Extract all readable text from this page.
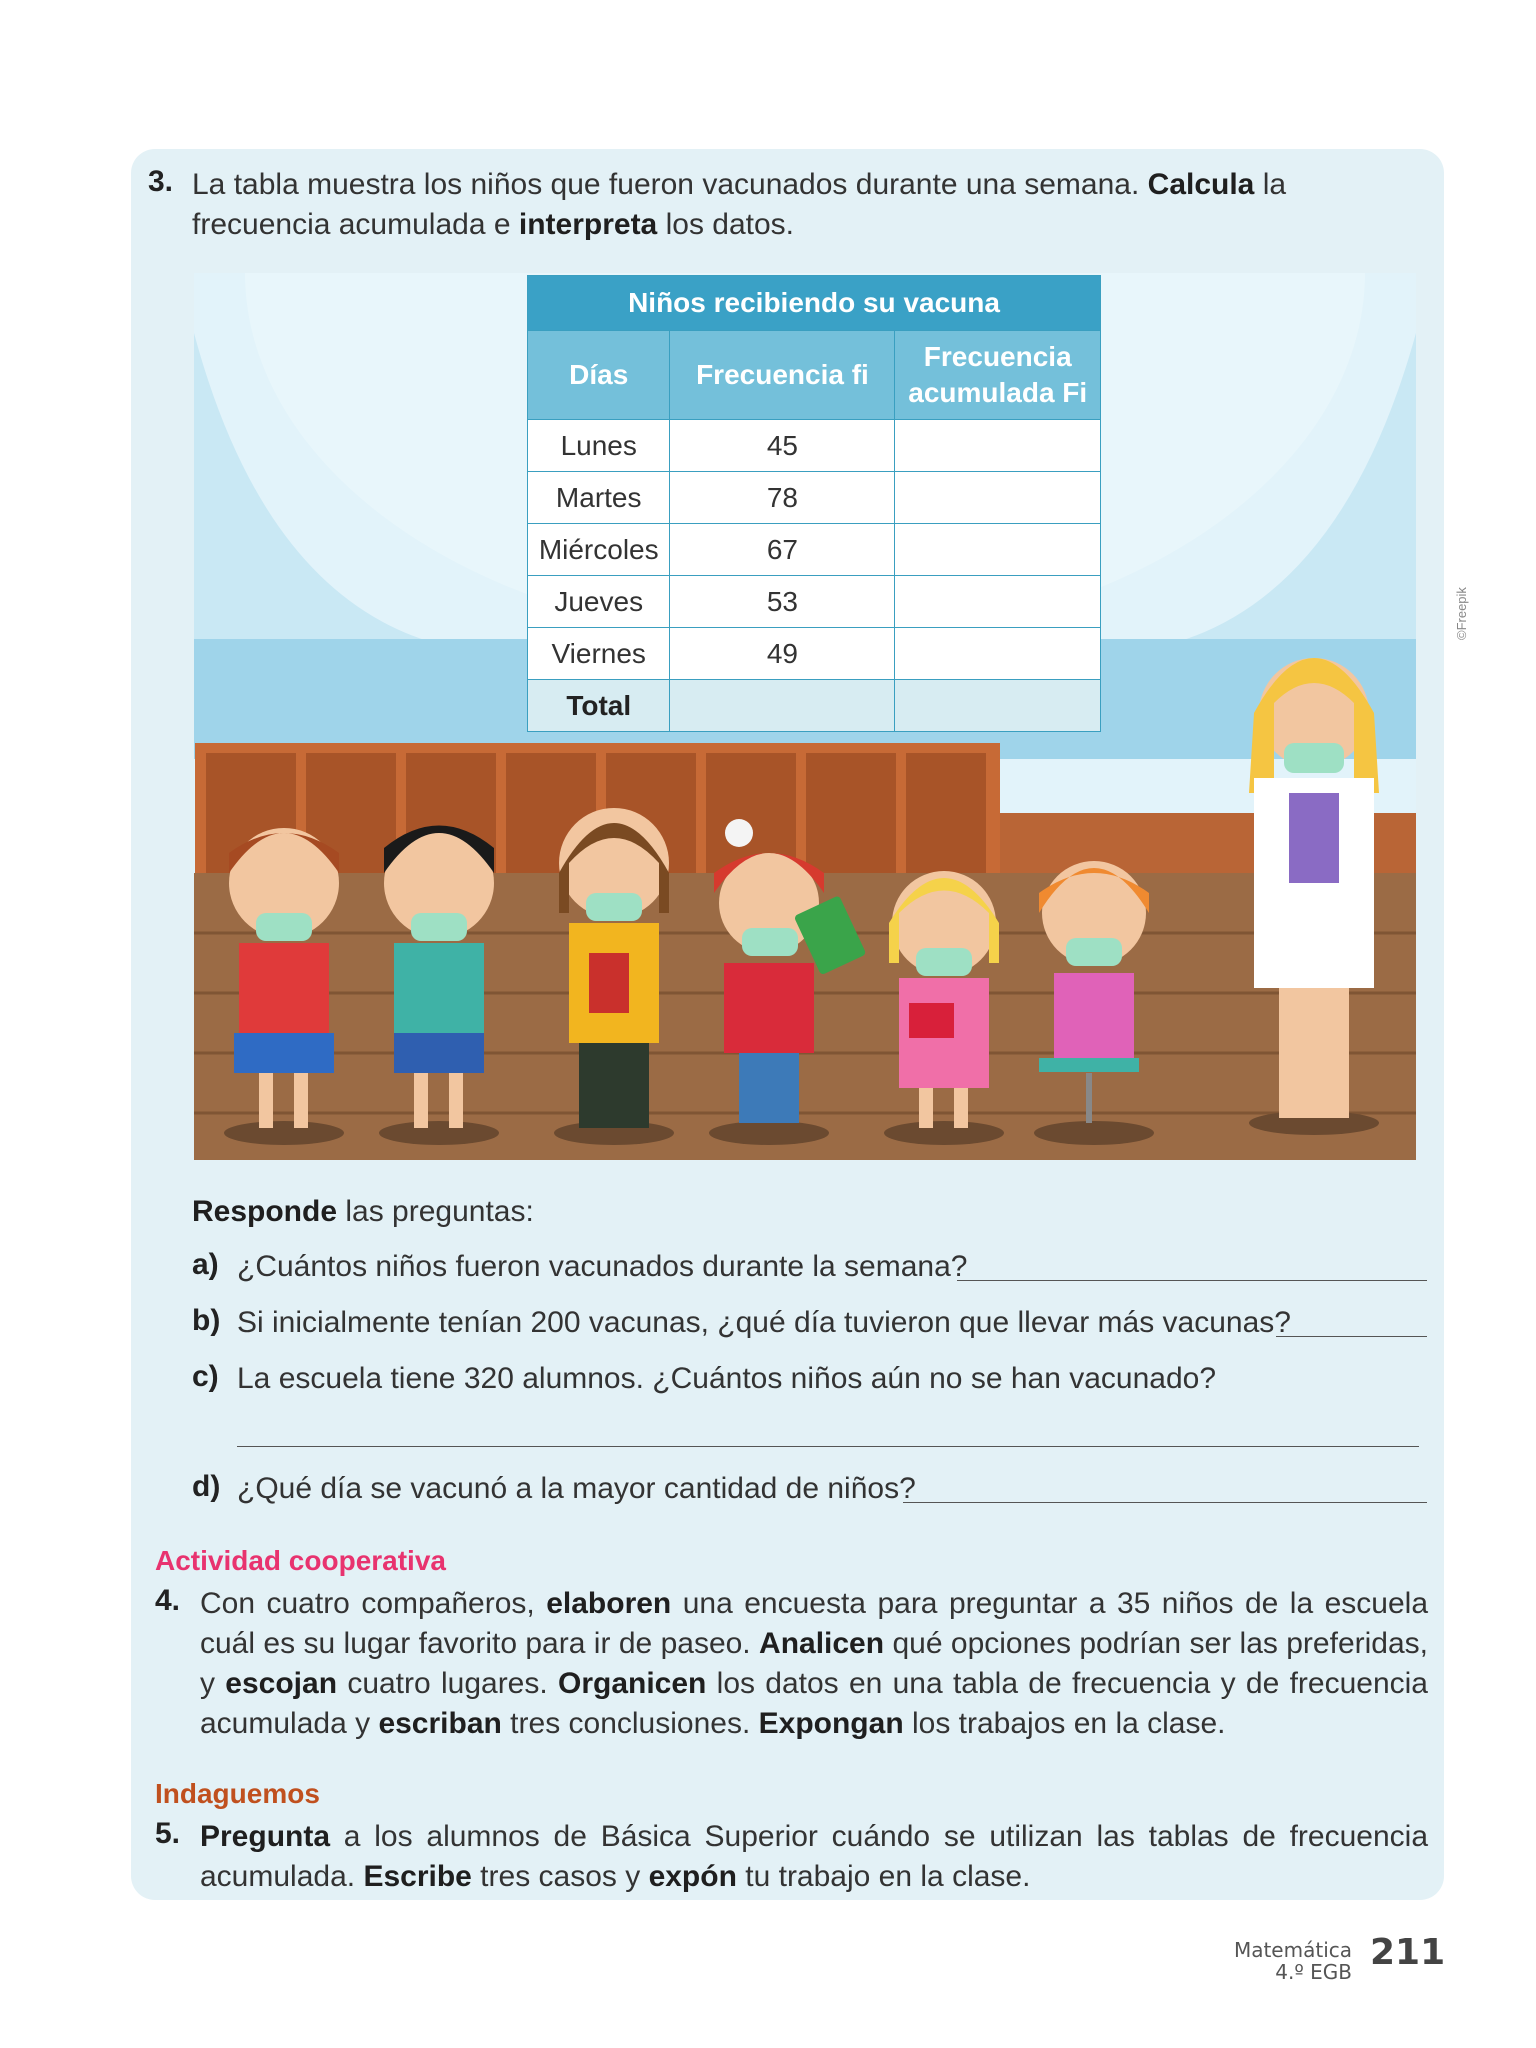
3. La tabla muestra los niños que fueron vacunados durante una semana. Calcula la frecuencia acumulada e interpreta los datos.
©Freepik
Niños recibiendo su vacuna		
Días	Frecuencia fi	Frecuencia acumulada Fi
Lunes	45	
Martes	78	
Miércoles	67	
Jueves	53	
Viernes	49	
Total		
Responde las preguntas:
a) ¿Cuántos niños fueron vacunados durante la semana?
b) Si inicialmente tenían 200 vacunas, ¿qué día tuvieron que llevar más vacunas?
c) La escuela tiene 320 alumnos. ¿Cuántos niños aún no se han vacunado?
d) ¿Qué día se vacunó a la mayor cantidad de niños?
Actividad cooperativa
4. Con cuatro compañeros, elaboren una encuesta para preguntar a 35 niños de la escuela cuál es su lugar favorito para ir de paseo. Analicen qué opciones podrían ser las preferidas, y escojan cuatro lugares. Organicen los datos en una tabla de frecuencia y de frecuencia acumulada y escriban tres conclusiones. Expongan los trabajos en la clase.
Indaguemos
5. Pregunta a los alumnos de Básica Superior cuándo se utilizan las tablas de frecuencia acumulada. Escribe tres casos y expón tu trabajo en la clase.
Matemática
4.º EGB 211
